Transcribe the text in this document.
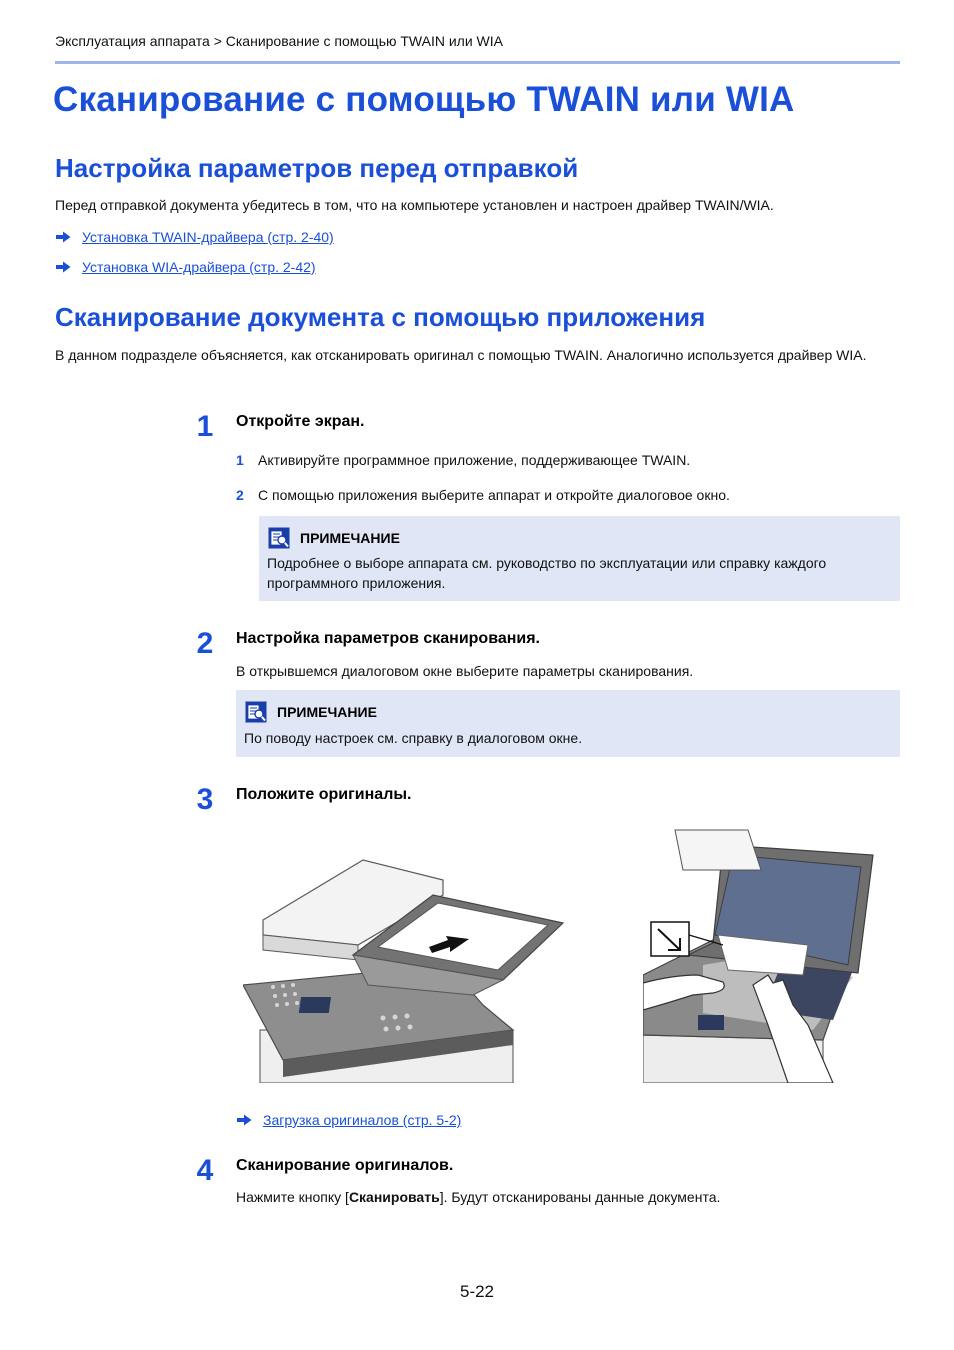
Эксплуатация аппарата > Сканирование с помощью TWAIN или WIA
Сканирование с помощью TWAIN или WIA
Настройка параметров перед отправкой
Перед отправкой документа убедитесь в том, что на компьютере установлен и настроен драйвер TWAIN/WIA.
Установка TWAIN-драйвера (стр. 2-40)
Установка WIA-драйвера (стр. 2-42)
Сканирование документа с помощью приложения
В данном подразделе объясняется, как отсканировать оригинал с помощью TWAIN. Аналогично используется драйвер WIA.
1	Откройте экран.
1	Активируйте программное приложение, поддерживающее TWAIN.
2	С помощью приложения выберите аппарат и откройте диалоговое окно.
ПРИМЕЧАНИЕ
Подробнее о выборе аппарата см. руководство по эксплуатации или справку каждого программного приложения.
2	Настройка параметров сканирования.
В открывшемся диалоговом окне выберите параметры сканирования.
ПРИМЕЧАНИЕ
По поводу настроек см. справку в диалоговом окне.
3	Положите оригиналы.
Загрузка оригиналов (стр. 5-2)
4	Сканирование оригиналов.
Нажмите кнопку [Сканировать]. Будут отсканированы данные документа.
5-22
